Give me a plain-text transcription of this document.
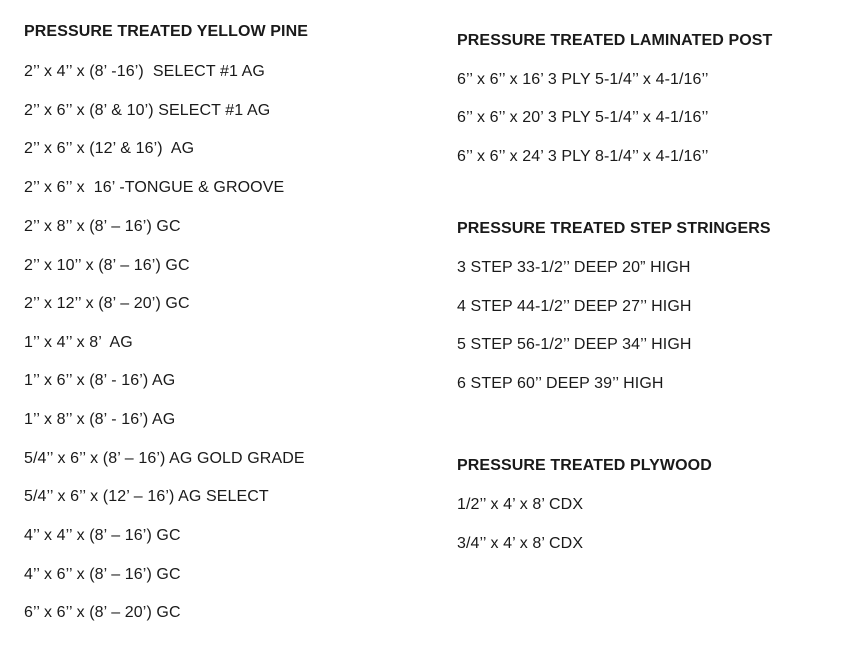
PRESSURE TREATED YELLOW PINE
2’’ x 4’’ x (8’ -16’)  SELECT #1 AG
2’’ x 6’’ x (8’ & 10’) SELECT #1 AG
2’’ x 6’’ x (12’ & 16’)  AG
2’’ x 6’’ x  16’ -TONGUE & GROOVE
2’’ x 8’’ x (8’ – 16’) GC
2’’ x 10’’ x (8’ – 16’) GC
2’’ x 12’’ x (8’ – 20’) GC
1’’ x 4’’ x 8’  AG
1’’ x 6’’ x (8’ - 16’) AG
1’’ x 8’’ x (8’ - 16’) AG
5/4’’ x 6’’ x (8’ – 16’) AG GOLD GRADE
5/4’’ x 6’’ x (12’ – 16’) AG SELECT
4’’ x 4’’ x (8’ – 16’) GC
4’’ x 6’’ x (8’ – 16’) GC
6’’ x 6’’ x (8’ – 20’) GC
PRESSURE TREATED LAMINATED POST
6’’ x 6’’ x 16’ 3 PLY 5-1/4’’ x 4-1/16’’
6’’ x 6’’ x 20’ 3 PLY 5-1/4’’ x 4-1/16’’
6’’ x 6’’ x 24’ 3 PLY 8-1/4’’ x 4-1/16’’
PRESSURE TREATED STEP STRINGERS
3 STEP 33-1/2’’ DEEP 20” HIGH
4 STEP 44-1/2’’ DEEP 27’’ HIGH
5 STEP 56-1/2’’ DEEP 34’’ HIGH
6 STEP 60’’ DEEP 39’’ HIGH
PRESSURE TREATED PLYWOOD
1/2’’ x 4’ x 8’ CDX
3/4’’ x 4’ x 8’ CDX
